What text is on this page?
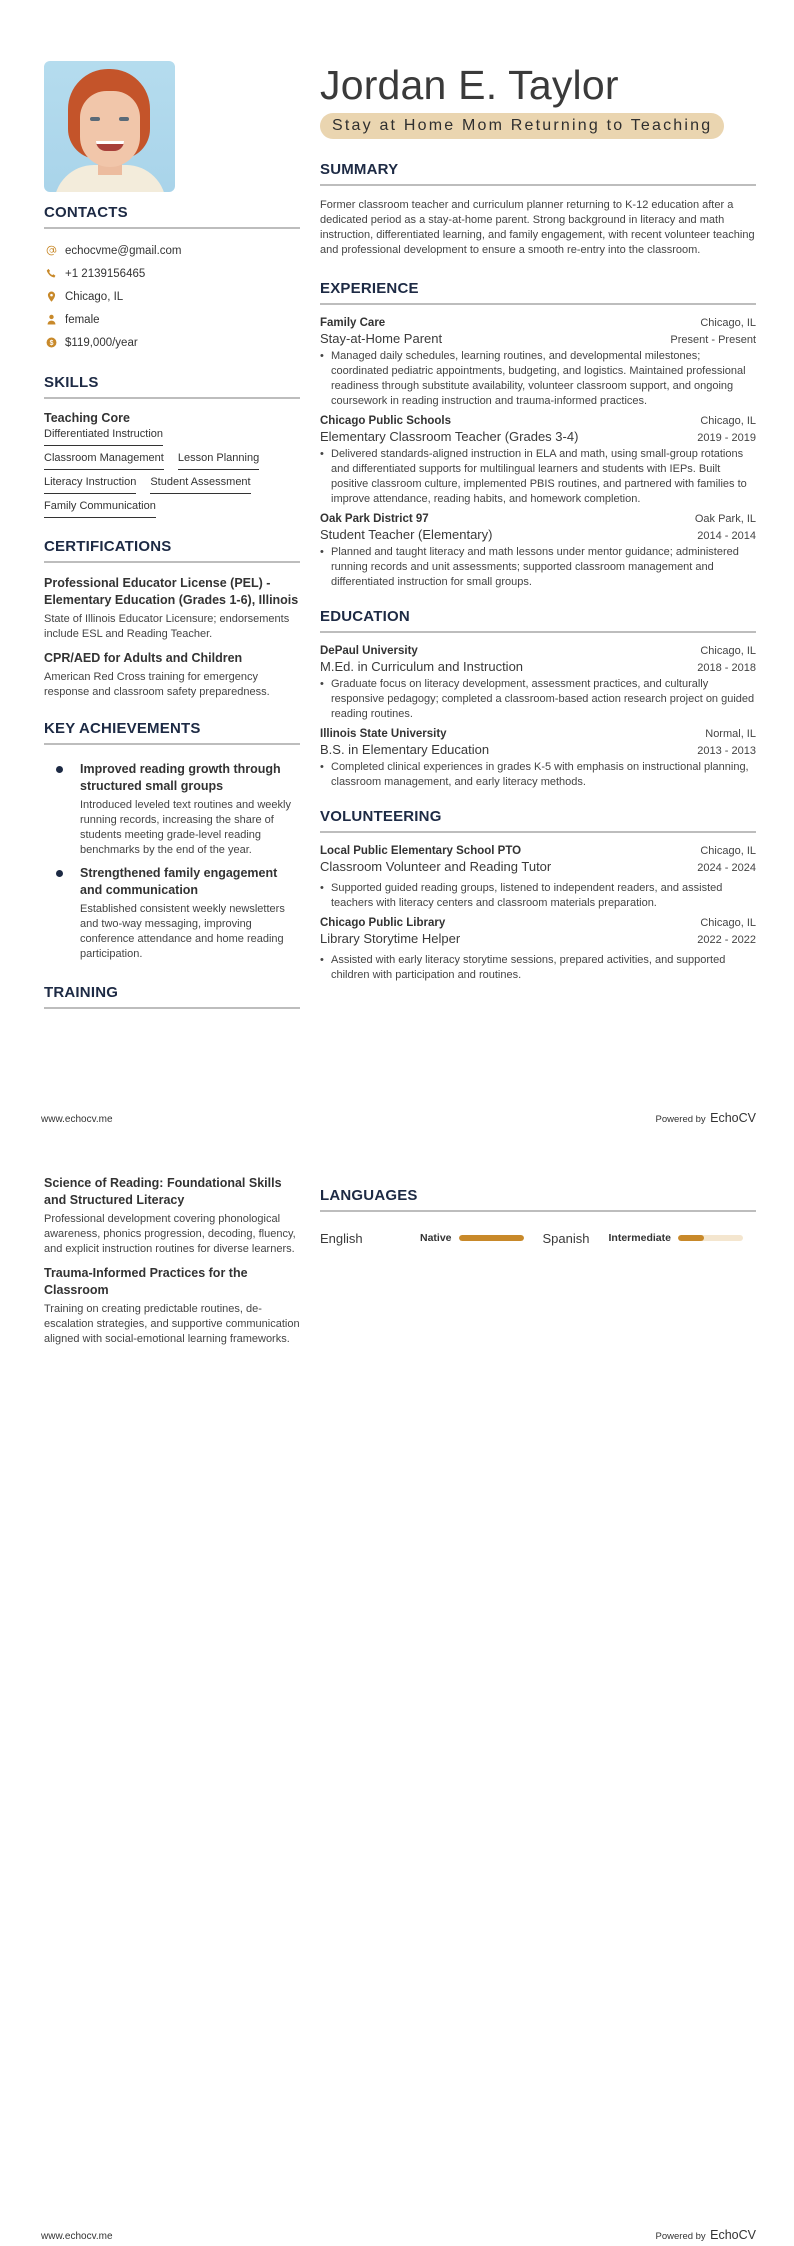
CONTACTS
echocvme@gmail.com
+1 2139156465
Chicago, IL
female
$ $119,000/year
SKILLS
Teaching Core
Differentiated Instruction
Classroom Management Lesson Planning
Literacy Instruction Student Assessment
Family Communication
CERTIFICATIONS
Professional Educator License (PEL) - Elementary Education (Grades 1-6), Illinois
State of Illinois Educator Licensure; endorsements include ESL and Reading Teacher.
CPR/AED for Adults and Children
American Red Cross training for emergency response and classroom safety preparedness.
KEY ACHIEVEMENTS
Improved reading growth through structured small groups
Introduced leveled text routines and weekly running records, increasing the share of students meeting grade-level reading benchmarks by the end of the year.
Strengthened family engagement and communication
Established consistent weekly newsletters and two-way messaging, improving conference attendance and home reading participation.
TRAINING
Jordan E. Taylor
Stay at Home Mom Returning to Teaching
SUMMARY
Former classroom teacher and curriculum planner returning to K-12 education after a dedicated period as a stay-at-home parent. Strong background in literacy and math instruction, differentiated learning, and family engagement, with recent volunteer teaching and professional development to ensure a smooth re-entry into the classroom.
EXPERIENCE
Family Care	Chicago, IL
Stay-at-Home Parent	Present - Present
• Managed daily schedules, learning routines, and developmental milestones; coordinated pediatric appointments, budgeting, and logistics. Maintained professional readiness through substitute availability, volunteer classroom support, and ongoing coursework in reading instruction and trauma-informed practices.
Chicago Public Schools	Chicago, IL
Elementary Classroom Teacher (Grades 3-4)	2019 - 2019
• Delivered standards-aligned instruction in ELA and math, using small-group rotations and differentiated supports for multilingual learners and students with IEPs. Built positive classroom culture, implemented PBIS routines, and partnered with families to improve attendance, reading habits, and homework completion.
Oak Park District 97	Oak Park, IL
Student Teacher (Elementary)	2014 - 2014
• Planned and taught literacy and math lessons under mentor guidance; administered running records and unit assessments; supported classroom management and differentiated instruction for small groups.
EDUCATION
DePaul University	Chicago, IL
M.Ed. in Curriculum and Instruction	2018 - 2018
• Graduate focus on literacy development, assessment practices, and culturally responsive pedagogy; completed a classroom-based action research project on guided reading routines.
Illinois State University	Normal, IL
B.S. in Elementary Education	2013 - 2013
• Completed clinical experiences in grades K-5 with emphasis on instructional planning, classroom management, and early literacy methods.
VOLUNTEERING
Local Public Elementary School PTO	Chicago, IL
Classroom Volunteer and Reading Tutor	2024 - 2024
• Supported guided reading groups, listened to independent readers, and assisted teachers with literacy centers and classroom materials preparation.
Chicago Public Library	Chicago, IL
Library Storytime Helper	2022 - 2022
• Assisted with early literacy storytime sessions, prepared activities, and supported children with participation and routines.
www.echocv.me	Powered by EchoCV
Science of Reading: Foundational Skills and Structured Literacy
Professional development covering phonological awareness, phonics progression, decoding, fluency, and explicit instruction routines for diverse learners.
Trauma-Informed Practices for the Classroom
Training on creating predictable routines, de-escalation strategies, and supportive communication aligned with social-emotional learning frameworks.
LANGUAGES
English	Native	Spanish	Intermediate
www.echocv.me	Powered by EchoCV
